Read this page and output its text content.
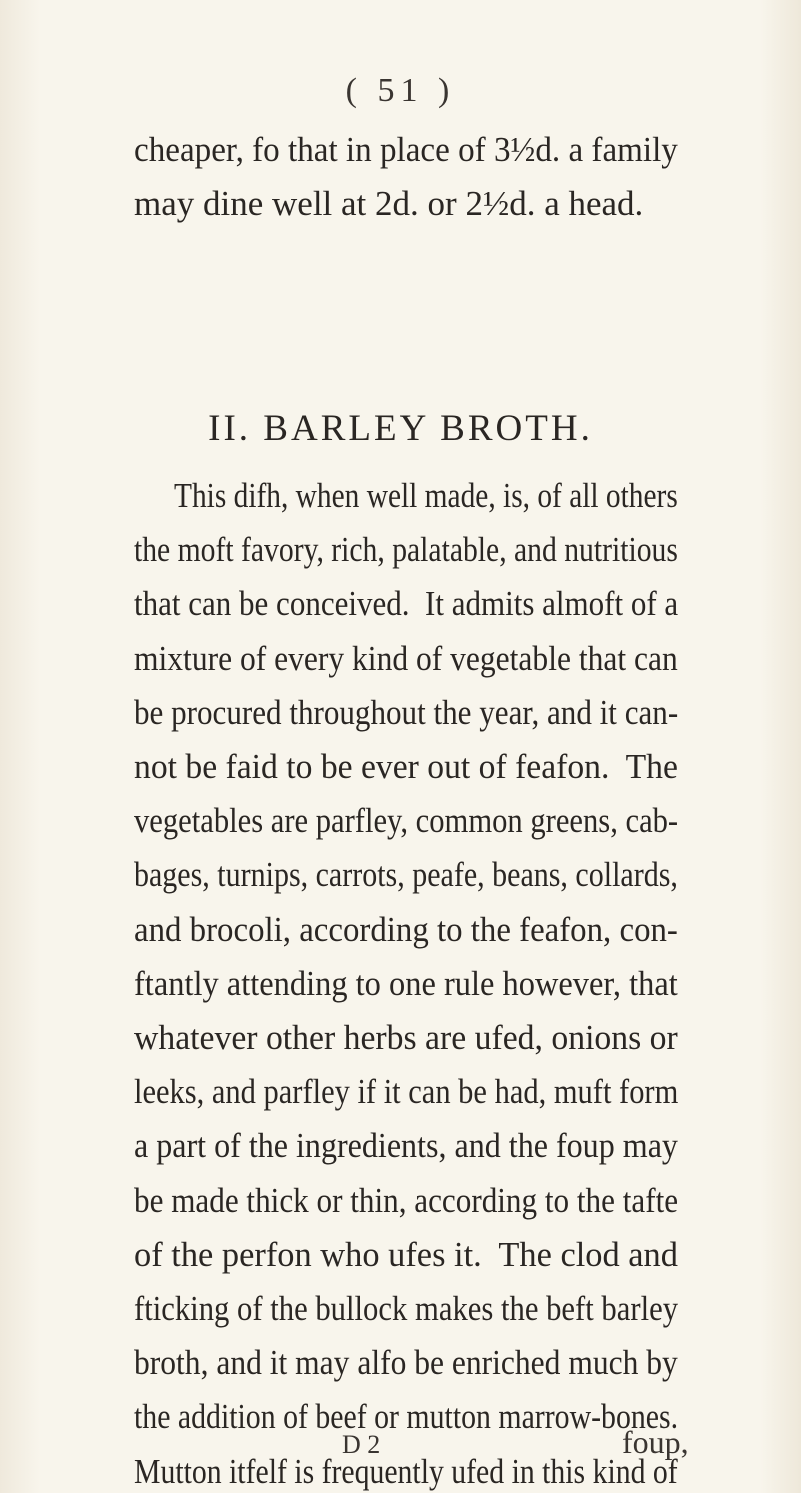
( 51 )
cheaper, fo that in place of 3½d. a family
may dine well at 2d. or 2½d. a head.
II. BARLEY BROTH.
This difh, when well made, is, of all others
the moft favory, rich, palatable, and nutritious
that can be conceived.  It admits almoft of a
mixture of every kind of vegetable that can
be procured throughout the year, and it can-
not be faid to be ever out of feafon.  The
vegetables are parfley, common greens, cab-
bages, turnips, carrots, peafe, beans, collards,
and brocoli, according to the feafon, con-
ftantly attending to one rule however, that
whatever other herbs are ufed, onions or
leeks, and parfley if it can be had, muft form
a part of the ingredients, and the foup may
be made thick or thin, according to the tafte
of the perfon who ufes it.  The clod and
fticking of the bullock makes the beft barley
broth, and it may alfo be enriched much by
the addition of beef or mutton marrow-bones.
Mutton itfelf is frequently ufed in this kind of
D 2	foup,
